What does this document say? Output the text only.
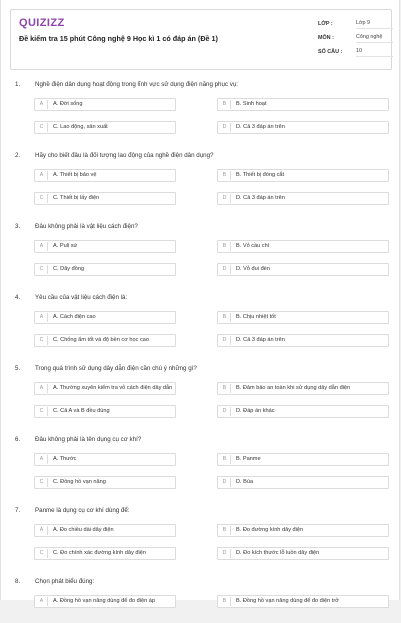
QUIZIZZ
Đề kiểm tra 15 phút Công nghệ 9 Học kì 1 có đáp án (Đề 1)
LỚP :	Lớp 9
MÔN :	Công nghệ
SỐ CÂU :	10
1.	Nghề điện dân dụng hoạt động trong lĩnh vực sử dụng điện năng phục vụ:
A	A. Đời sống	B	B. Sinh hoạt
C	C. Lao động, sản xuất	D	D. Cả 3 đáp án trên
2.	Hãy cho biết đâu là đối tượng lao động của nghề điện dân dụng?
A	A. Thiết bị bảo vệ	B	B. Thiết bị đóng cắt
C	C. Thiết bị lấy điện	D	D. Cả 3 đáp án trên
3.	Đâu không phải là vật liệu cách điện?
A	A. Puli sứ	B	B. Vỏ cầu chì
C	C. Dây đồng	D	D. Vỏ đui đèn
4.	Yêu cầu của vật liệu cách điện là:
A	A. Cách điện cao	B	B. Chịu nhiệt tốt
C	C. Chống ẩm tốt và độ bền cơ học cao	D	D. Cả 3 đáp án trên
5.	Trong quá trình sử dụng dây dẫn điện cần chú ý những gì?
A	A. Thường xuyên kiểm tra vỏ cách điện dây dẫn	B	B. Đảm bảo an toàn khi sử dụng dây dẫn điện
C	C. Cả A và B đều đúng	D	D. Đáp án khác
6.	Đâu không phải là tên dụng cụ cơ khí?
A	A. Thước	B	B. Panme
C	C. Đồng hồ vạn năng	D	D. Búa
7.	Panme là dụng cụ cơ khí dùng để:
A	A. Đo chiều dài dây điện	B	B. Đo đường kính dây điện
C	C. Đo chính xác đường kính dây điện	D	D. Đo kích thước lỗ luồn dây điện
8.	Chọn phát biểu đúng:
A	A. Đồng hồ vạn năng dùng để đo điện áp	B	B. Đồng hồ vạn năng dùng để đo điện trở
